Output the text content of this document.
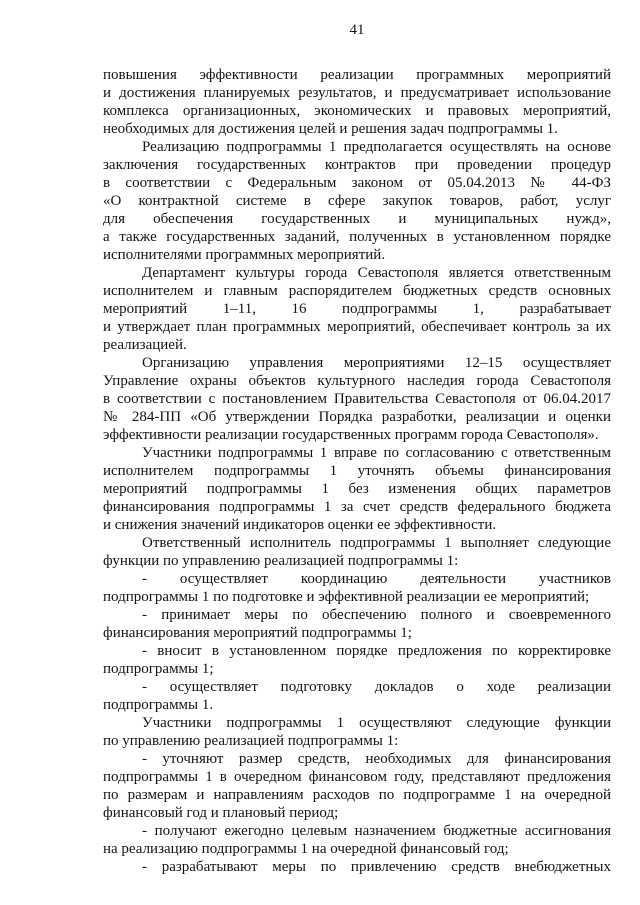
41
повышения эффективности реализации программных мероприятий
и достижения планируемых результатов, и предусматривает использование
комплекса организационных, экономических и правовых мероприятий,
необходимых для достижения целей и решения задач подпрограммы 1.
Реализацию подпрограммы 1 предполагается осуществлять на основе
заключения государственных контрактов при проведении процедур
в соответствии с Федеральным законом от 05.04.2013 № 44-ФЗ
«О контрактной системе в сфере закупок товаров, работ, услуг
для обеспечения государственных и муниципальных нужд»,
а также государственных заданий, полученных в установленном порядке
исполнителями программных мероприятий.
Департамент культуры города Севастополя является ответственным
исполнителем и главным распорядителем бюджетных средств основных
мероприятий 1–11, 16 подпрограммы 1, разрабатывает
и утверждает план программных мероприятий, обеспечивает контроль за их
реализацией.
Организацию управления мероприятиями 12–15 осуществляет
Управление охраны объектов культурного наследия города Севастополя
в соответствии с постановлением Правительства Севастополя от 06.04.2017
№ 284-ПП «Об утверждении Порядка разработки, реализации и оценки
эффективности реализации государственных программ города Севастополя».
Участники подпрограммы 1 вправе по согласованию с ответственным
исполнителем подпрограммы 1 уточнять объемы финансирования
мероприятий подпрограммы 1 без изменения общих параметров
финансирования подпрограммы 1 за счет средств федерального бюджета
и снижения значений индикаторов оценки ее эффективности.
Ответственный исполнитель подпрограммы 1 выполняет следующие
функции по управлению реализацией подпрограммы 1:
- осуществляет координацию деятельности участников
подпрограммы 1 по подготовке и эффективной реализации ее мероприятий;
- принимает меры по обеспечению полного и своевременного
финансирования мероприятий подпрограммы 1;
- вносит в установленном порядке предложения по корректировке
подпрограммы 1;
- осуществляет подготовку докладов о ходе реализации
подпрограммы 1.
Участники подпрограммы 1 осуществляют следующие функции
по управлению реализацией подпрограммы 1:
- уточняют размер средств, необходимых для финансирования
подпрограммы 1 в очередном финансовом году, представляют предложения
по размерам и направлениям расходов по подпрограмме 1 на очередной
финансовый год и плановый период;
- получают ежегодно целевым назначением бюджетные ассигнования
на реализацию подпрограммы 1 на очередной финансовый год;
- разрабатывают меры по привлечению средств внебюджетных
